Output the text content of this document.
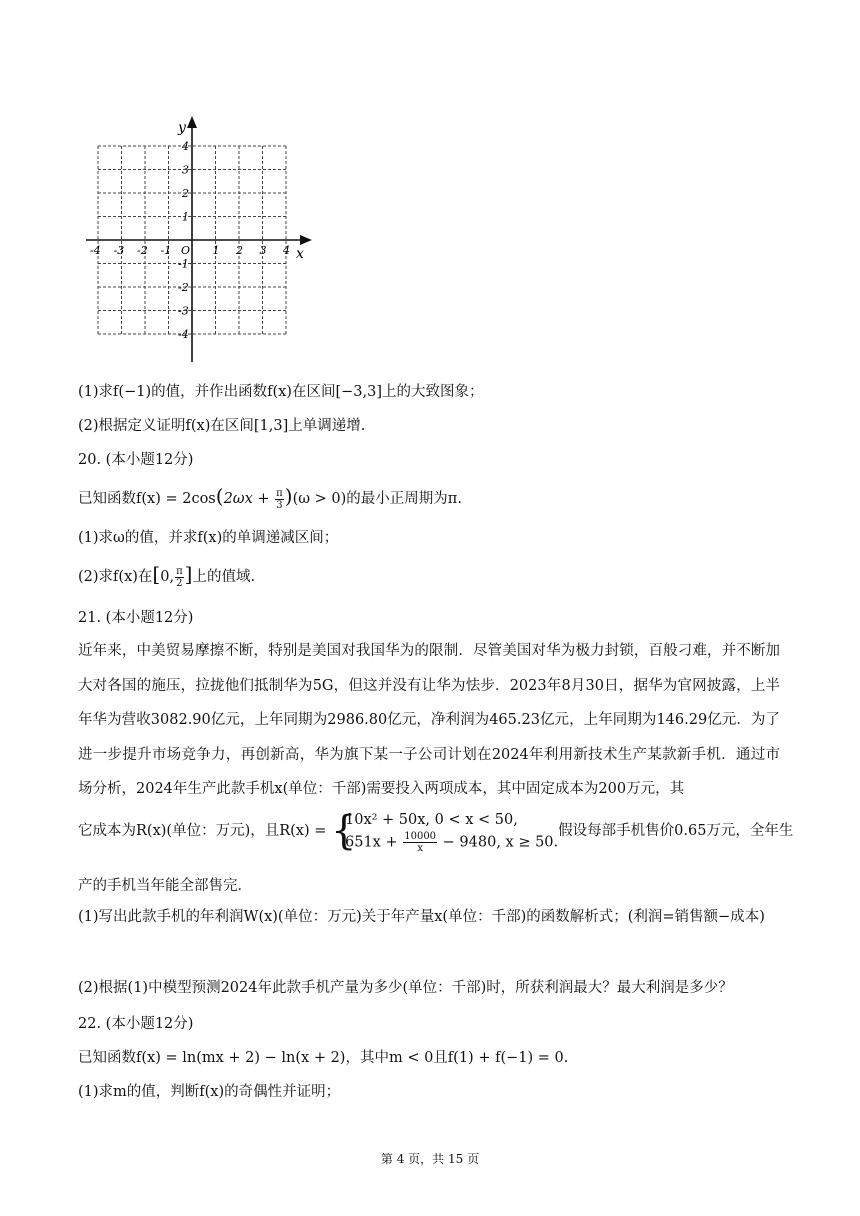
x
y
O
-4 -3 -2 -1	1 2 3 4
4
3
2
1
-1
-2
-3
-4
(1)求f(−1)的值，并作出函数f(x)在区间[−3,3]上的大致图象；
(2)根据定义证明f(x)在区间[1,3]上单调递增.
20. (本小题12分)
已知函数$f(x) = 2\cos(2\omega x + \frac{\pi}{3} )(\omega > 0)$的最小正周期为π.
(1)求ω的值，并求f(x)的单调递减区间；
(2)求f(x)在[0, $\frac{\pi}{2}$ ]上的值域.
21. (本小题12分)
近年来，中美贸易摩擦不断，特别是美国对我国华为的限制．尽管美国对华为极力封锁，百般刁难，并不断加大对各国的施压，拉拢他们抵制华为5G，但这并没有让华为怯步．2023年8月30日，据华为官网披露，上半年华为营收3082.90亿元，上年同期为2986.80亿元，净利润为465.23亿元，上年同期为146.29亿元．为了进一步提升市场竞争力，再创新高，华为旗下某一子公司计划在2024年利用新技术生产某款新手机．通过市场分析，2024年生产此款手机x(单位：千部)需要投入两项成本，其中固定成本为200万元，其
它成本为R(x)(单位：万元)，且R(x) = {
10x² + 50x, 0 < x < 50,
$651x + \frac{10000}{x} - 9480$, x ≥ 50.
假设每部手机售价0.65万元，全年生
产的手机当年能全部售完．
(1)写出此款手机的年利润W(x)(单位：万元)关于年产量x(单位：千部)的函数解析式；(利润=销售额−成本)
(2)根据(1)中模型预测2024年此款手机产量为多少(单位：千部)时，所获利润最大？最大利润是多少？
22. (本小题12分)
已知函数f(x) = ln(mx + 2) − ln(x + 2)，其中m < 0且f(1) + f(−1) = 0.
(1)求m的值，判断f(x)的奇偶性并证明；
第 4 页，共 15 页
